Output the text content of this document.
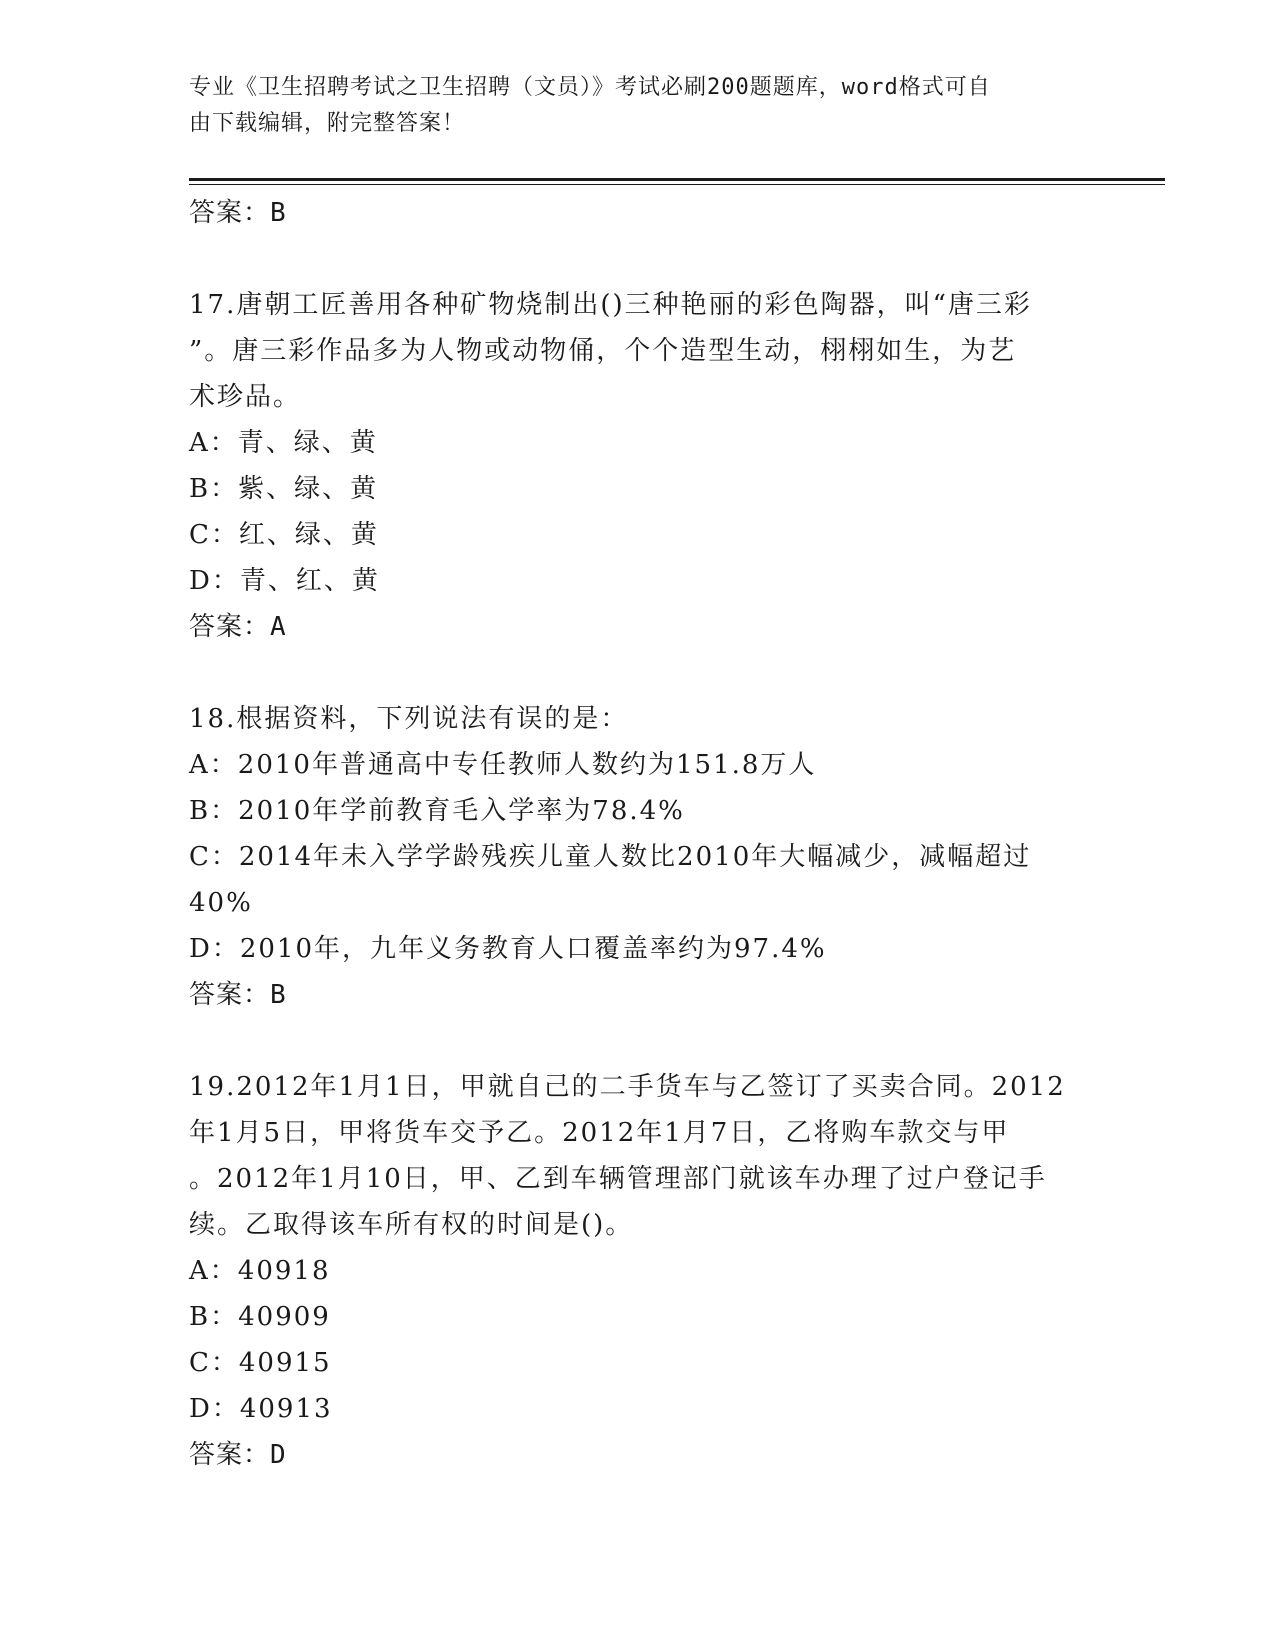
专业《卫生招聘考试之卫生招聘（文员）》考试必刷200题题库，word格式可自
由下载编辑，附完整答案！
答案：B
17.唐朝工匠善用各种矿物烧制出()三种艳丽的彩色陶器，叫“唐三彩
”。唐三彩作品多为人物或动物俑，个个造型生动，栩栩如生，为艺
术珍品。
A：青、绿、黄
B：紫、绿、黄
C：红、绿、黄
D：青、红、黄
答案：A
18.根据资料，下列说法有误的是：
A：2010年普通高中专任教师人数约为151.8万人
B：2010年学前教育毛入学率为78.4%
C：2014年未入学学龄残疾儿童人数比2010年大幅减少，减幅超过
40%
D：2010年，九年义务教育人口覆盖率约为97.4%
答案：B
19.2012年1月1日，甲就自己的二手货车与乙签订了买卖合同。2012
年1月5日，甲将货车交予乙。2012年1月7日，乙将购车款交与甲
。2012年1月10日，甲、乙到车辆管理部门就该车办理了过户登记手
续。乙取得该车所有权的时间是()。
A：40918
B：40909
C：40915
D：40913
答案：D
